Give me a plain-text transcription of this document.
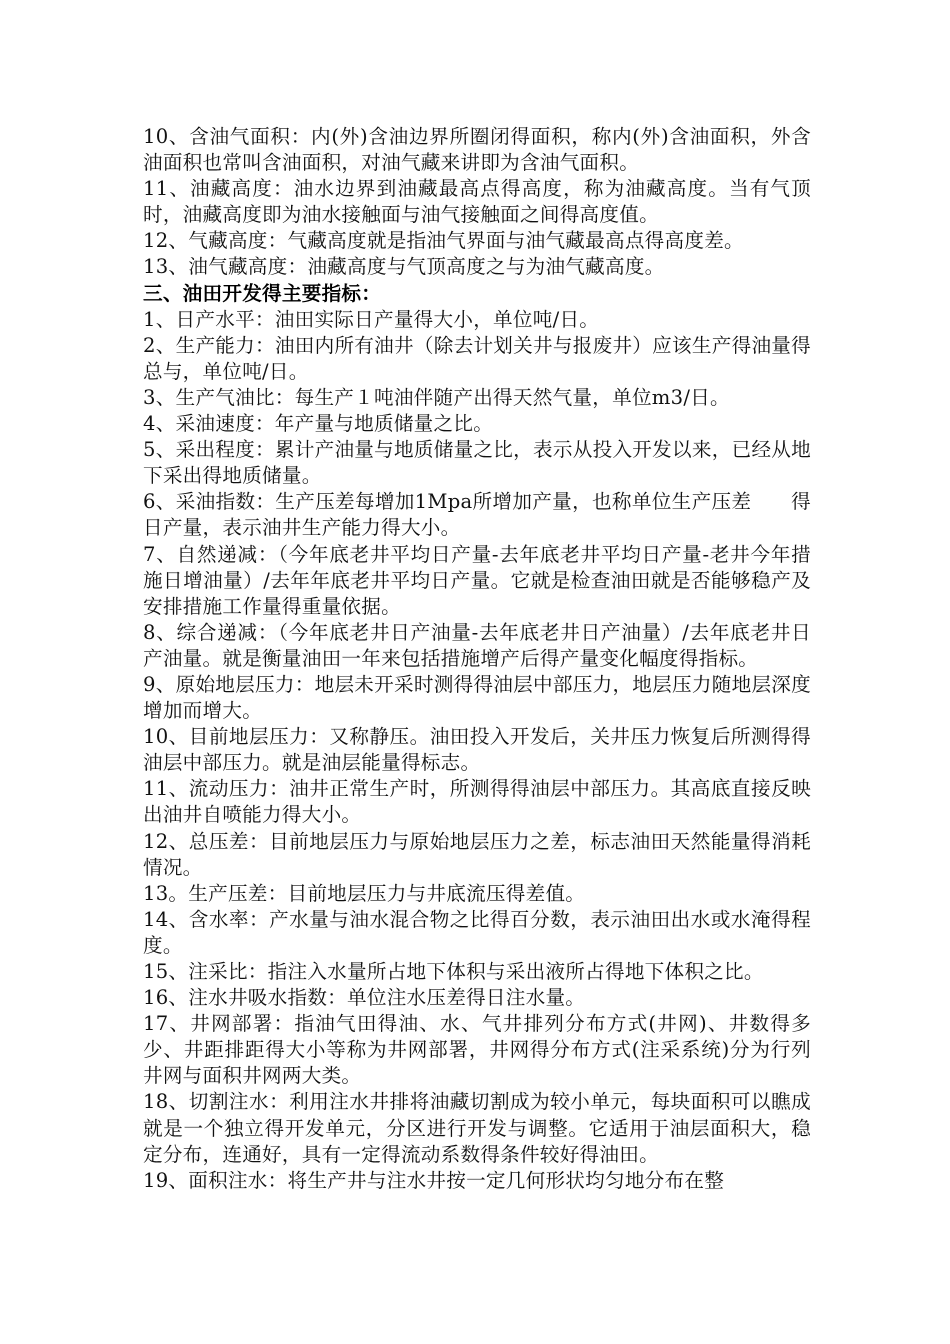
10、含油气面积：内(外)含油边界所圈闭得面积，称内(外)含油面积，外含油面积也常叫含油面积，对油气藏来讲即为含油气面积。

11、油藏高度：油水边界到油藏最高点得高度，称为油藏高度。当有气顶时，油藏高度即为油水接触面与油气接触面之间得高度值。

12、气藏高度：气藏高度就是指油气界面与油气藏最高点得高度差。

13、油气藏高度：油藏高度与气顶高度之与为油气藏高度。

三、油田开发得主要指标：

1、日产水平：油田实际日产量得大小，单位吨/日。

2、生产能力：油田内所有油井（除去计划关井与报废井）应该生产得油量得总与，单位吨/日。

3、生产气油比：每生产１吨油伴随产出得天然气量，单位m3/日。

4、采油速度：年产量与地质储量之比。

5、采出程度：累计产油量与地质储量之比，表示从投入开发以来，已经从地下采出得地质储量。

6、采油指数：生产压差每增加1Mpa所增加产量，也称单位生产压差　　得日产量，表示油井生产能力得大小。

7、自然递减：（今年底老井平均日产量-去年底老井平均日产量-老井今年措施日增油量）/去年年底老井平均日产量。它就是检查油田就是否能够稳产及安排措施工作量得重量依据。

8、综合递减：（今年底老井日产油量-去年底老井日产油量）/去年底老井日产油量。就是衡量油田一年来包括措施增产后得产量变化幅度得指标。

9、原始地层压力：地层未开采时测得得油层中部压力，地层压力随地层深度增加而增大。

10、目前地层压力：又称静压。油田投入开发后，关井压力恢复后所测得得油层中部压力。就是油层能量得标志。

11、流动压力：油井正常生产时，所测得得油层中部压力。其高底直接反映出油井自喷能力得大小。

12、总压差：目前地层压力与原始地层压力之差，标志油田天然能量得消耗情况。

13。生产压差：目前地层压力与井底流压得差值。

14、含水率：产水量与油水混合物之比得百分数，表示油田出水或水淹得程度。

15、注采比：指注入水量所占地下体积与采出液所占得地下体积之比。

16、注水井吸水指数：单位注水压差得日注水量。

17、井网部署：指油气田得油、水、气井排列分布方式(井网)、井数得多少、井距排距得大小等称为井网部署，井网得分布方式(注采系统)分为行列井网与面积井网两大类。

18、切割注水：利用注水井排将油藏切割成为较小单元，每块面积可以瞧成就是一个独立得开发单元，分区进行开发与调整。它适用于油层面积大，稳定分布，连通好，具有一定得流动系数得条件较好得油田。

19、面积注水：将生产井与注水井按一定几何形状均匀地分布在整
